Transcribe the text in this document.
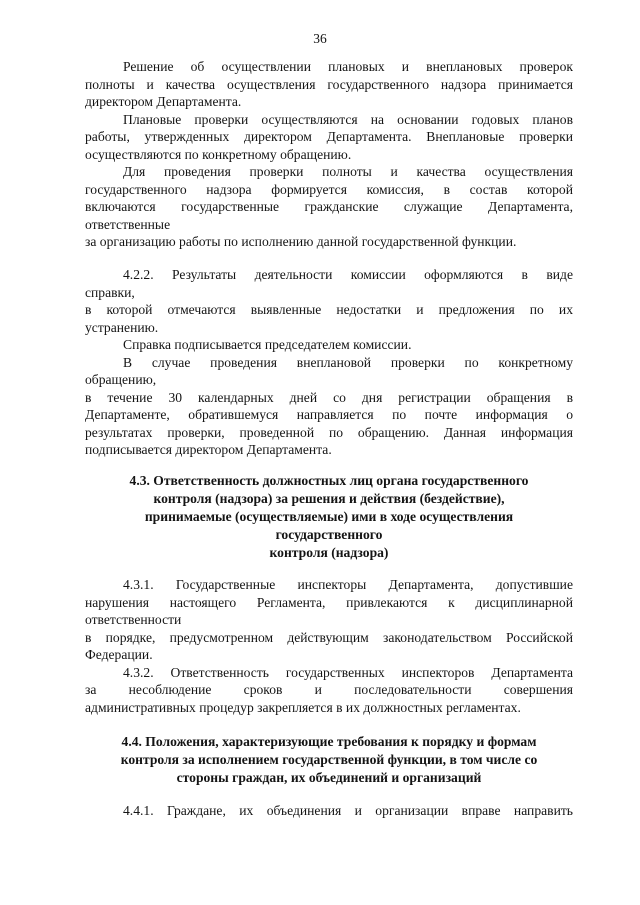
36
Решение об осуществлении плановых и внеплановых проверок
полноты и качества осуществления государственного надзора принимается
директором Департамента.
Плановые проверки осуществляются на основании годовых планов
работы, утвержденных директором Департамента. Внеплановые проверки
осуществляются по конкретному обращению.
Для проведения проверки полноты и качества осуществления
государственного надзора формируется комиссия, в состав которой
включаются государственные гражданские служащие Департамента,
ответственные
за организацию работы по исполнению данной государственной функции.
4.2.2. Результаты деятельности комиссии оформляются в виде
справки,
в которой отмечаются выявленные недостатки и предложения по их
устранению.
Справка подписывается председателем комиссии.
В случае проведения внеплановой проверки по конкретному
обращению,
в течение 30 календарных дней со дня регистрации обращения в
Департаменте, обратившемуся направляется по почте информация о
результатах проверки, проведенной по обращению. Данная информация
подписывается директором Департамента.
4.3. Ответственность должностных лиц органа государственного
контроля (надзора) за решения и действия (бездействие),
принимаемые (осуществляемые) ими в ходе осуществления
государственного
контроля (надзора)
4.3.1. Государственные инспекторы Департамента, допустившие
нарушения настоящего Регламента, привлекаются к дисциплинарной
ответственности
в порядке, предусмотренном действующим законодательством Российской
Федерации.
4.3.2. Ответственность государственных инспекторов Департамента
за несоблюдение сроков и последовательности совершения
административных процедур закрепляется в их должностных регламентах.
4.4. Положения, характеризующие требования к порядку и формам
контроля за исполнением государственной функции, в том числе со
стороны граждан, их объединений и организаций
4.4.1. Граждане, их объединения и организации вправе направить
